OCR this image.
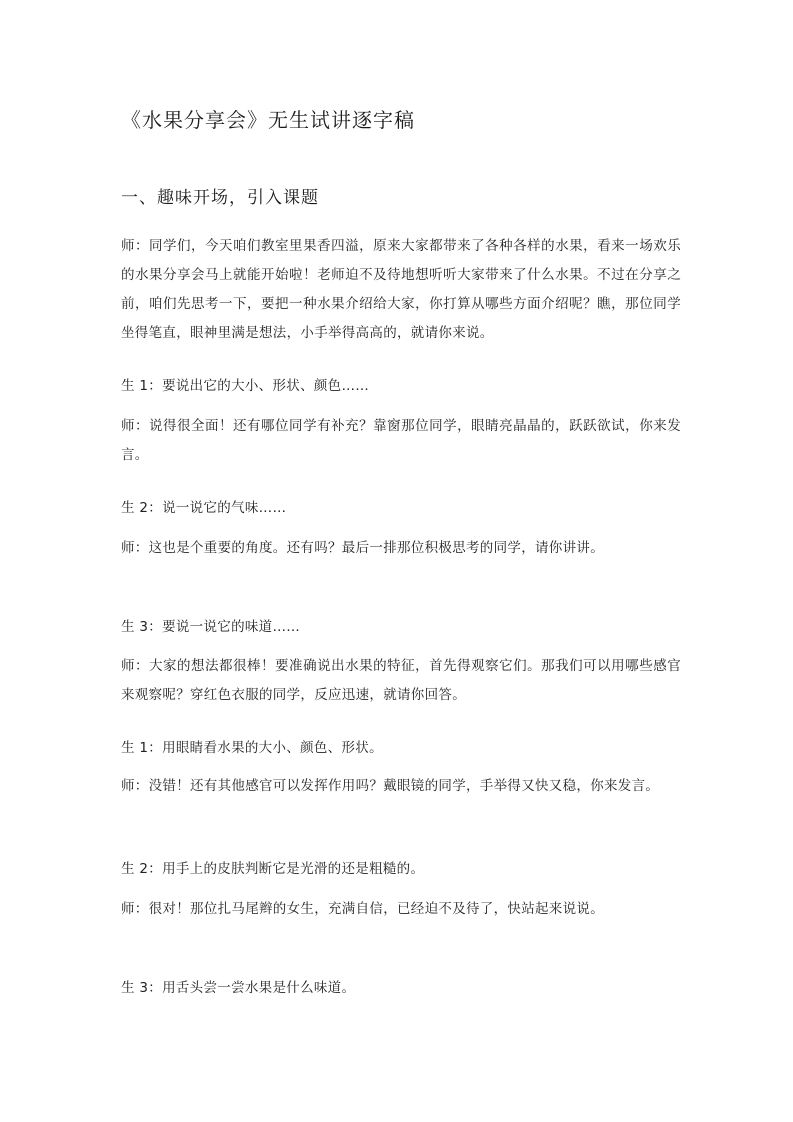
《水果分享会》无生试讲逐字稿
一、趣味开场，引入课题
师：同学们，今天咱们教室里果香四溢，原来大家都带来了各种各样的水果，看来一场欢乐的水果分享会马上就能开始啦！老师迫不及待地想听听大家带来了什么水果。不过在分享之前，咱们先思考一下，要把一种水果介绍给大家，你打算从哪些方面介绍呢？瞧，那位同学坐得笔直，眼神里满是想法，小手举得高高的，就请你来说。
生 1：要说出它的大小、形状、颜色……
师：说得很全面！还有哪位同学有补充？靠窗那位同学，眼睛亮晶晶的，跃跃欲试，你来发言。
生 2：说一说它的气味……
师：这也是个重要的角度。还有吗？最后一排那位积极思考的同学，请你讲讲。
生 3：要说一说它的味道……
师：大家的想法都很棒！要准确说出水果的特征，首先得观察它们。那我们可以用哪些感官来观察呢？穿红色衣服的同学，反应迅速，就请你回答。
生 1：用眼睛看水果的大小、颜色、形状。
师：没错！还有其他感官可以发挥作用吗？戴眼镜的同学，手举得又快又稳，你来发言。
生 2：用手上的皮肤判断它是光滑的还是粗糙的。
师：很对！那位扎马尾辫的女生，充满自信，已经迫不及待了，快站起来说说。
生 3：用舌头尝一尝水果是什么味道。
